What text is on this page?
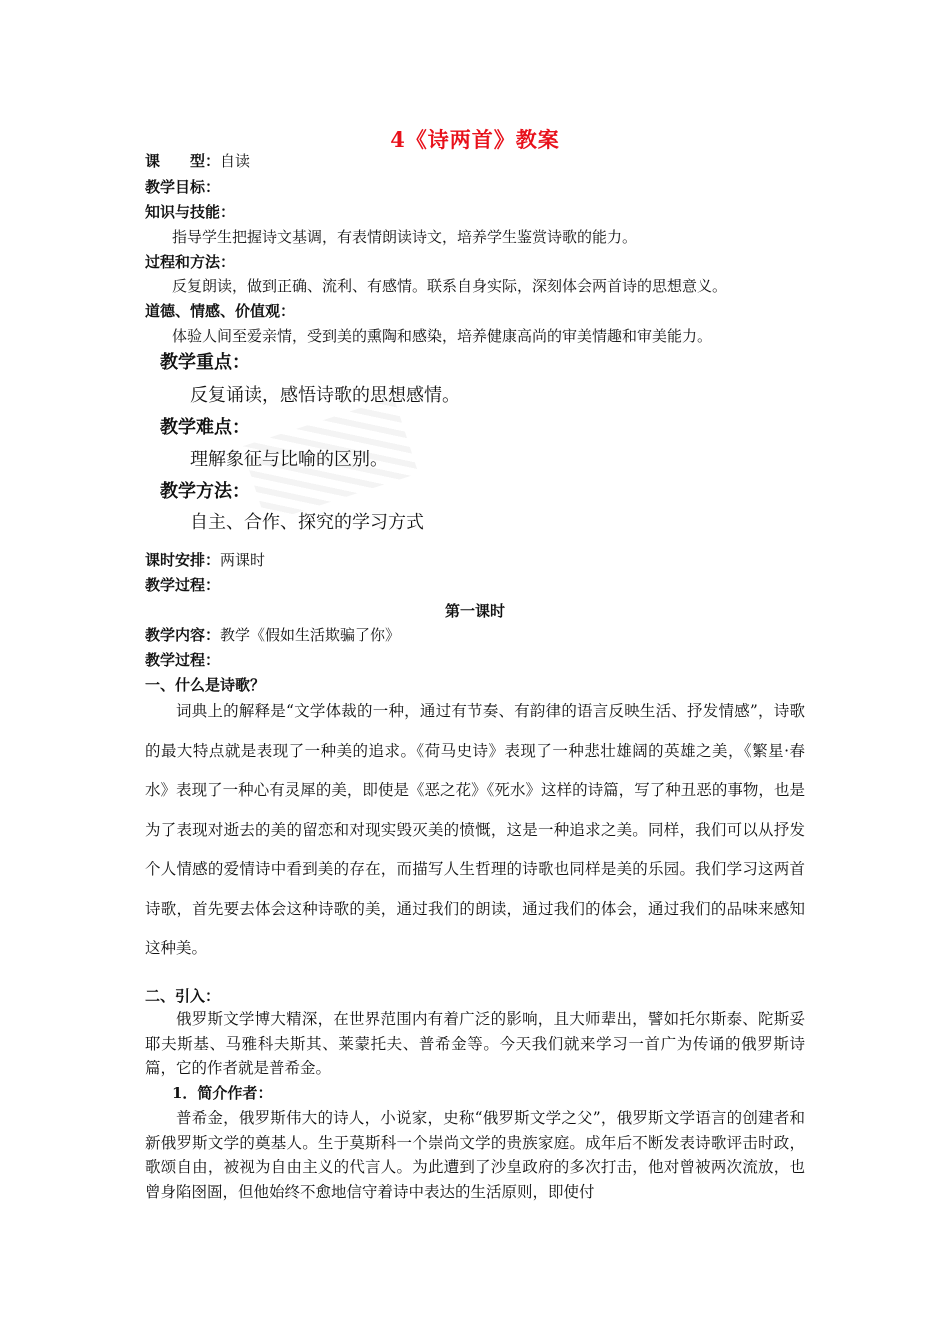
4《诗两首》教案
课　　型：自读
教学目标：
知识与技能：
指导学生把握诗文基调，有表情朗读诗文，培养学生鉴赏诗歌的能力。
过程和方法：
反复朗读，做到正确、流利、有感情。联系自身实际，深刻体会两首诗的思想意义。
道德、情感、价值观：
体验人间至爱亲情，受到美的熏陶和感染，培养健康高尚的审美情趣和审美能力。
教学重点：
反复诵读，感悟诗歌的思想感情。
教学难点：
理解象征与比喻的区别。
教学方法：
自主、合作、探究的学习方式
课时安排：两课时
教学过程：
第一课时
教学内容：教学《假如生活欺骗了你》
教学过程：
一、什么是诗歌？

词典上的解释是“文学体裁的一种，通过有节奏、有韵律的语言反映生活、抒发情感”，诗歌的最大特点就是表现了一种美的追求。《荷马史诗》表现了一种悲壮雄阔的英雄之美，《繁星·春水》表现了一种心有灵犀的美，即使是《恶之花》《死水》这样的诗篇，写了种丑恶的事物，也是为了表现对逝去的美的留恋和对现实毁灭美的愤慨，这是一种追求之美。同样，我们可以从抒发个人情感的爱情诗中看到美的存在，而描写人生哲理的诗歌也同样是美的乐园。我们学习这两首诗歌，首先要去体会这种诗歌的美，通过我们的朗读，通过我们的体会，通过我们的品味来感知这种美。

二、引入：

俄罗斯文学博大精深，在世界范围内有着广泛的影响，且大师辈出，譬如托尔斯泰、陀斯妥耶夫斯基、马雅科夫斯其、莱蒙托夫、普希金等。今天我们就来学习一首广为传诵的俄罗斯诗篇，它的作者就是普希金。

1．简介作者：

普希金，俄罗斯伟大的诗人，小说家，史称“俄罗斯文学之父”，俄罗斯文学语言的创建者和新俄罗斯文学的奠基人。生于莫斯科一个崇尚文学的贵族家庭。成年后不断发表诗歌评击时政，歌颂自由，被视为自由主义的代言人。为此遭到了沙皇政府的多次打击，他对曾被两次流放，也曾身陷囹圄，但他始终不愈地信守着诗中表达的生活原则，即使付
